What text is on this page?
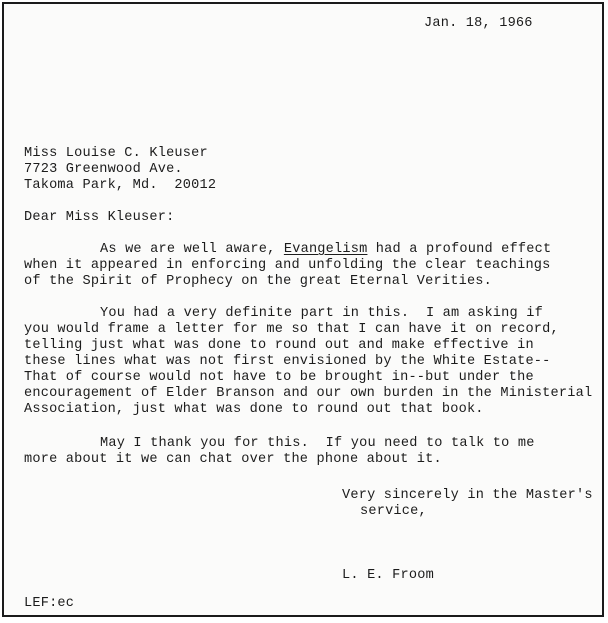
Jan. 18, 1966
Miss Louise C. Kleuser
7723 Greenwood Ave.
Takoma Park, Md.  20012
Dear Miss Kleuser:
As we are well aware, Evangelism had a profound effect
when it appeared in enforcing and unfolding the clear teachings
of the Spirit of Prophecy on the great Eternal Verities.
You had a very definite part in this.  I am asking if
you would frame a letter for me so that I can have it on record,
telling just what was done to round out and make effective in
these lines what was not first envisioned by the White Estate--
That of course would not have to be brought in--but under the
encouragement of Elder Branson and our own burden in the Ministerial
Association, just what was done to round out that book.
May I thank you for this.  If you need to talk to me
more about it we can chat over the phone about it.
Very sincerely in the Master's
service,
L. E. Froom
LEF:ec
